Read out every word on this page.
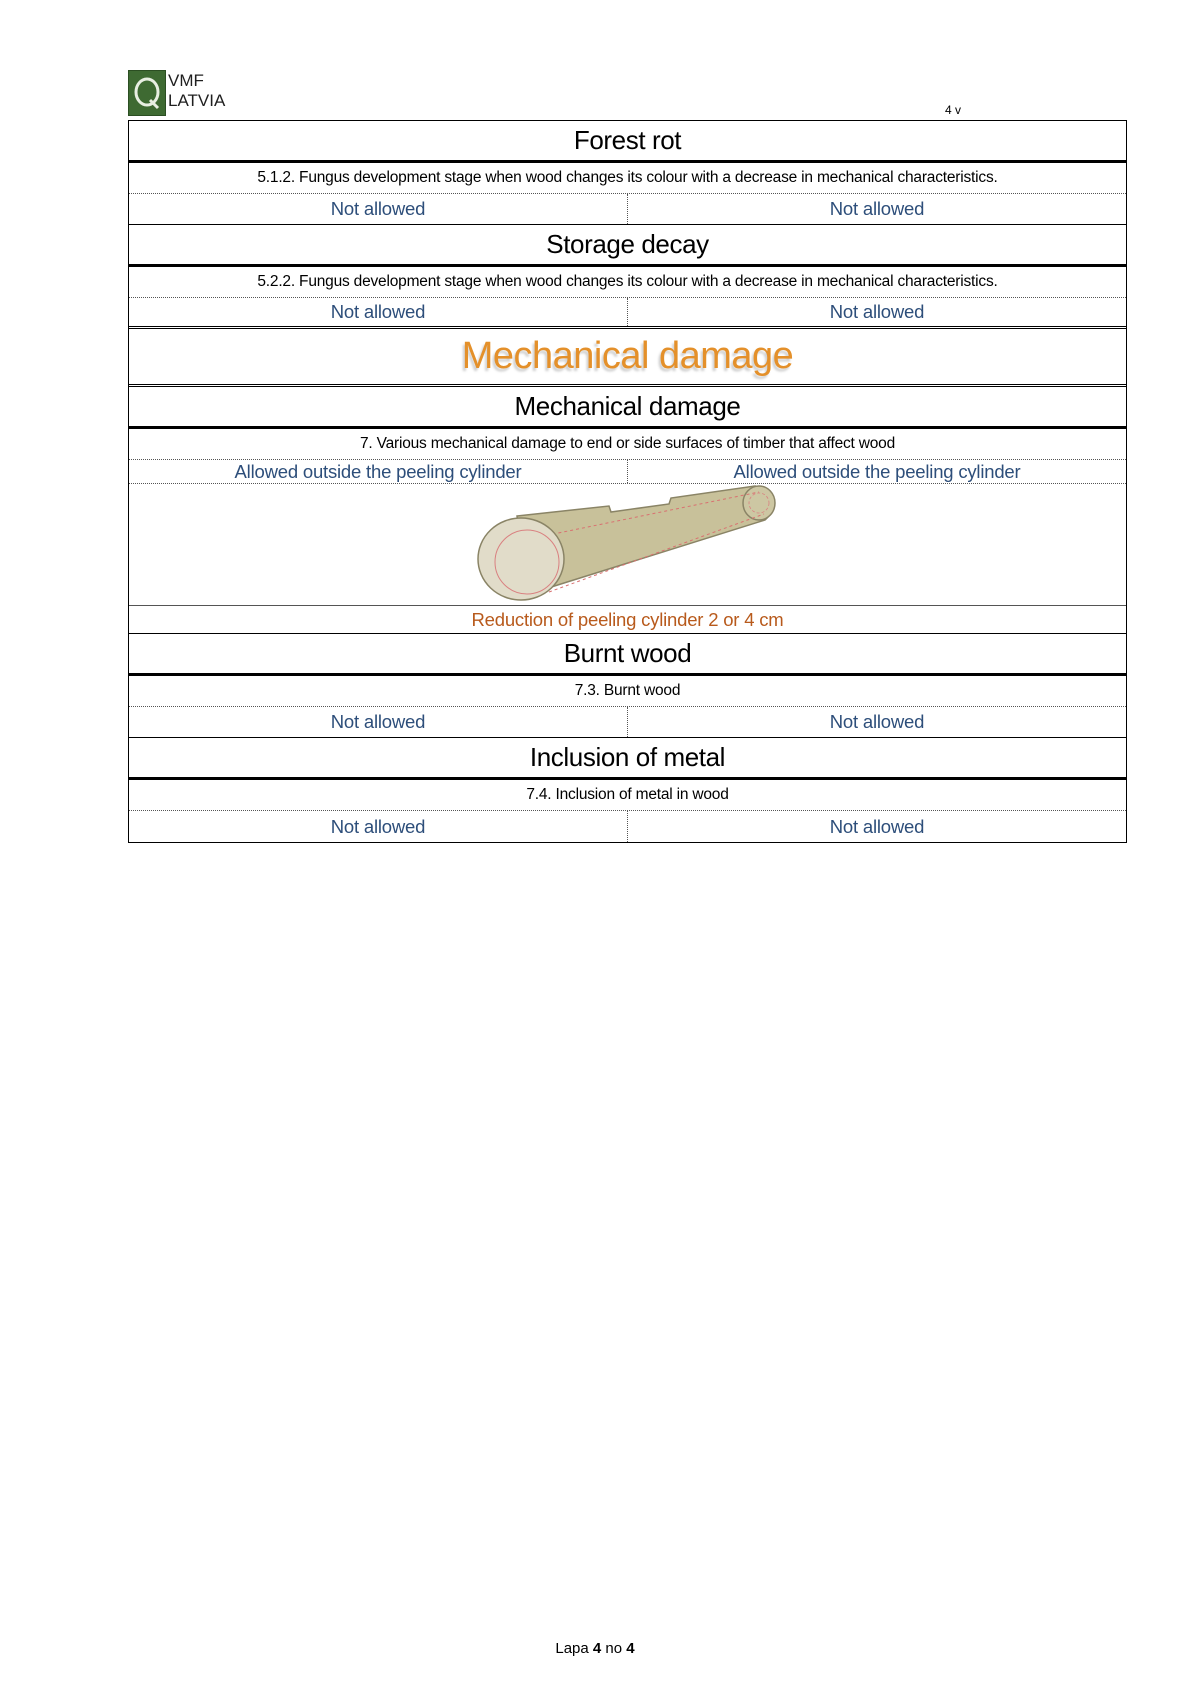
VMF
LATVIA	4 v
Forest rot
5.1.2. Fungus development stage when wood changes its colour with a decrease in mechanical characteristics.
Not allowed	Not allowed
Storage decay
5.2.2. Fungus development stage when wood changes its colour with a decrease in mechanical characteristics.
Not allowed	Not allowed
Mechanical damage
Mechanical damage
7. Various mechanical damage to end or side surfaces of timber that affect wood
Allowed outside the peeling cylinder	Allowed outside the peeling cylinder
Reduction of peeling cylinder 2 or 4 cm
Burnt wood
7.3. Burnt wood
Not allowed	Not allowed
Inclusion of metal
7.4. Inclusion of metal in wood
Not allowed	Not allowed
Lapa 4 no 4
